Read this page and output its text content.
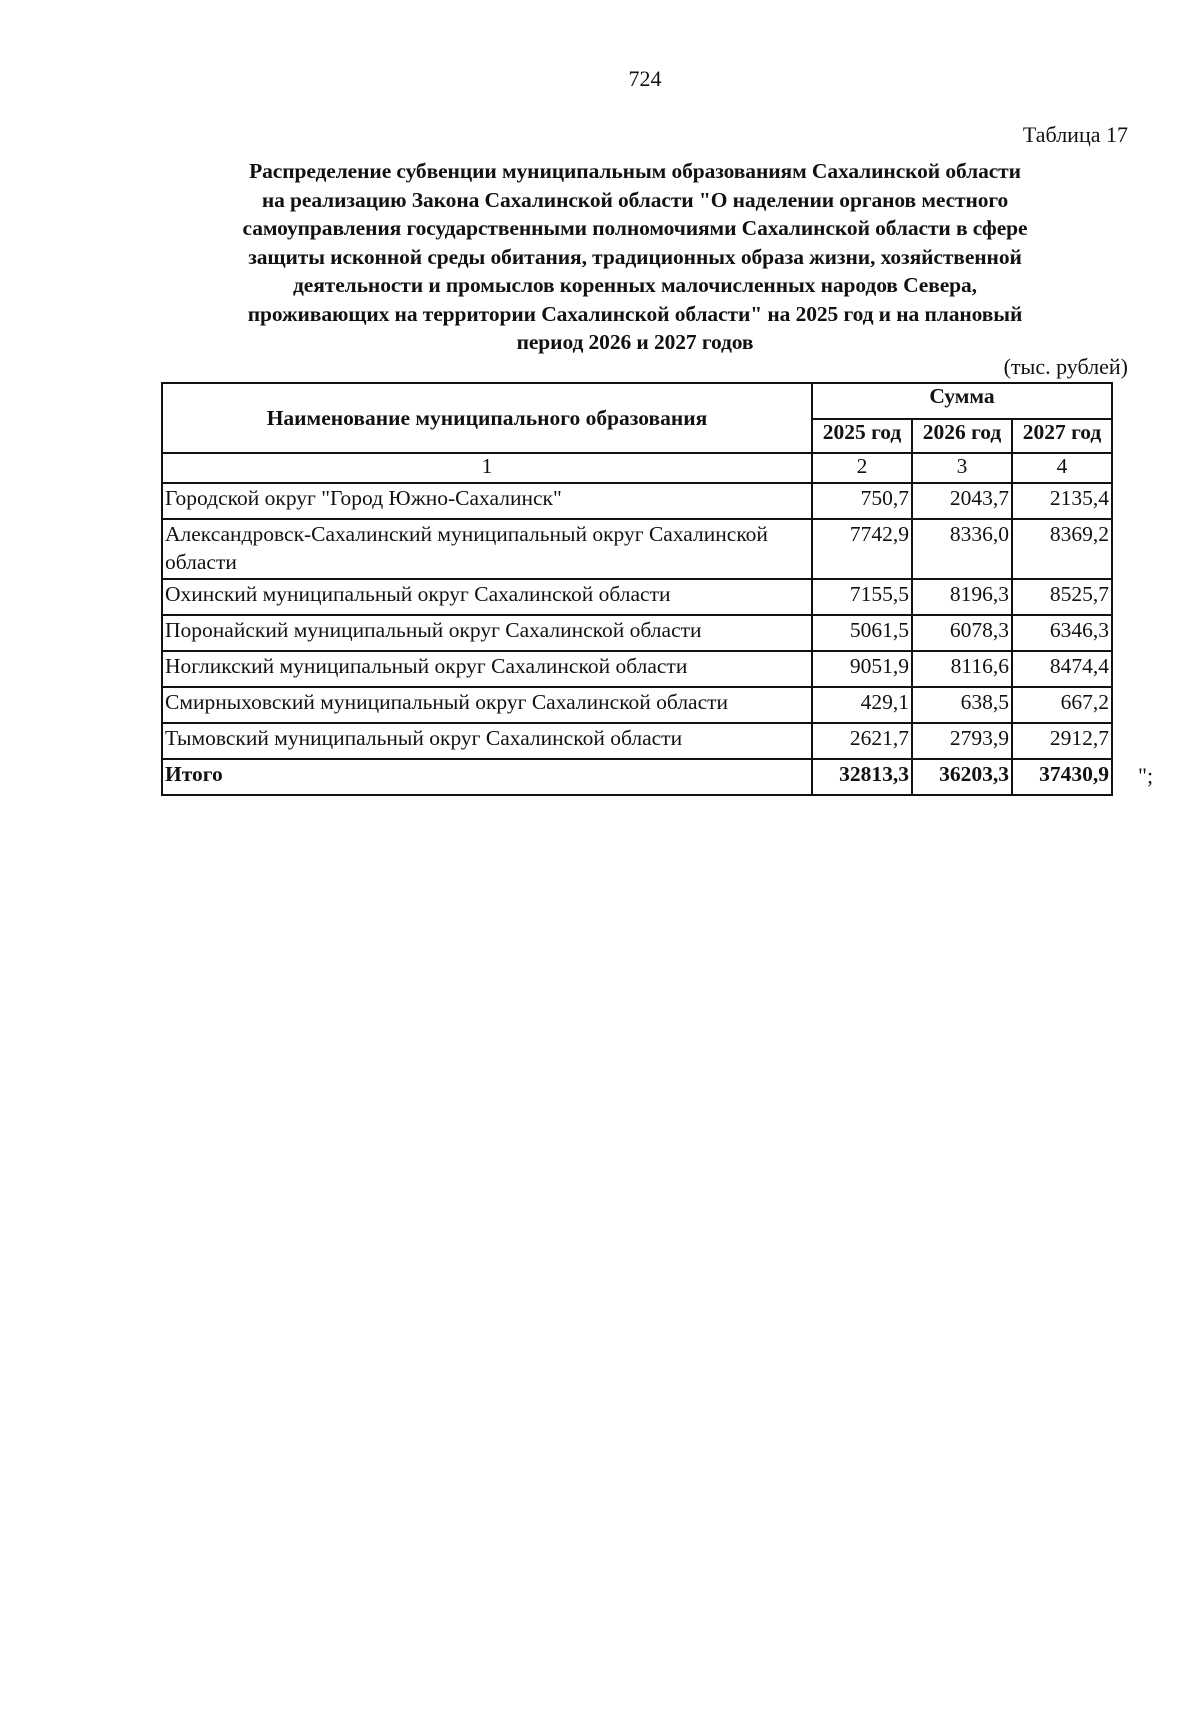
724
Таблица 17
Распределение субвенции муниципальным образованиям Сахалинской области
на реализацию Закона Сахалинской области "О наделении органов местного
самоуправления государственными полномочиями Сахалинской области в сфере
защиты исконной среды обитания, традиционных образа жизни, хозяйственной
деятельности и промыслов коренных малочисленных народов Севера,
проживающих на территории Сахалинской области" на 2025 год и на плановый
период 2026 и 2027 годов
(тыс. рублей)
Наименование муниципального образования	Сумма		
	2025 год	2026 год	2027 год
1	2	3	4
Городской округ "Город Южно-Сахалинск"	750,7	2043,7	2135,4
Александровск-Сахалинский муниципальный округ Сахалинской области	7742,9	8336,0	8369,2
Охинский муниципальный округ Сахалинской области	7155,5	8196,3	8525,7
Поронайский муниципальный округ Сахалинской области	5061,5	6078,3	6346,3
Ногликский муниципальный округ Сахалинской области	9051,9	8116,6	8474,4
Смирныховский муниципальный округ Сахалинской области	429,1	638,5	667,2
Тымовский муниципальный округ Сахалинской области	2621,7	2793,9	2912,7
Итого	32813,3	36203,3	37430,9 ";
